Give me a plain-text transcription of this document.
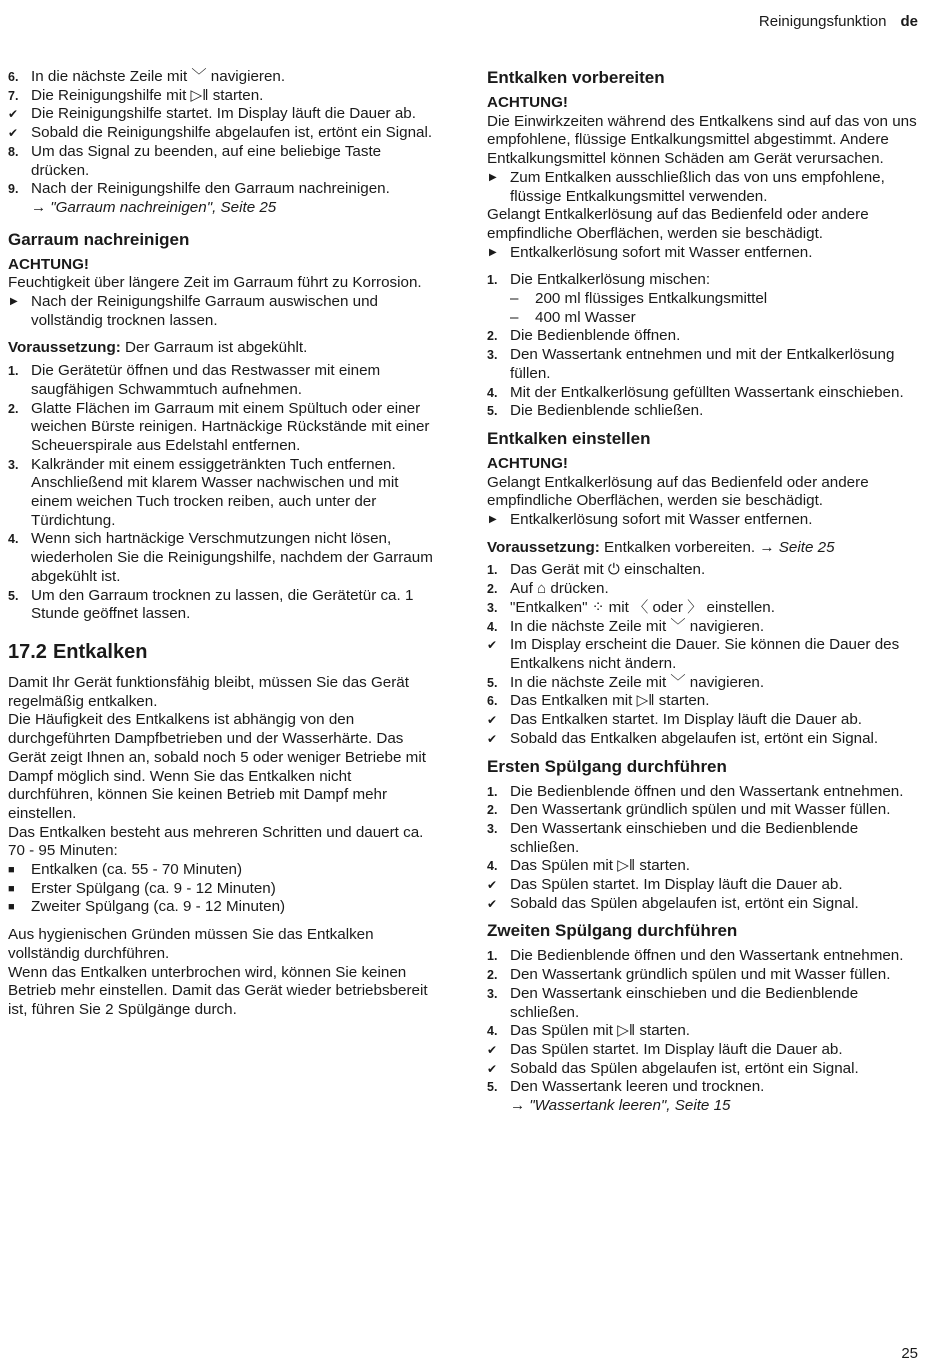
Reinigungsfunktion de
6. In die nächste Zeile mit ﹀ navigieren.
7. Die Reinigungshilfe mit ▷‖ starten.
✔ Die Reinigungshilfe startet. Im Display läuft die Dauer ab.
✔ Sobald die Reinigungshilfe abgelaufen ist, ertönt ein Signal.
8. Um das Signal zu beenden, auf eine beliebige Taste drücken.
9. Nach der Reinigungshilfe den Garraum nachreinigen.
→ "Garraum nachreinigen", Seite 25
Garraum nachreinigen
ACHTUNG!
Feuchtigkeit über längere Zeit im Garraum führt zu Korrosion.
▶ Nach der Reinigungshilfe Garraum auswischen und vollständig trocknen lassen.
Voraussetzung: Der Garraum ist abgekühlt.
1. Die Gerätetür öffnen und das Restwasser mit einem saugfähigen Schwammtuch aufnehmen.
2. Glatte Flächen im Garraum mit einem Spültuch oder einer weichen Bürste reinigen. Hartnäckige Rückstände mit einer Scheuerspirale aus Edelstahl entfernen.
3. Kalkränder mit einem essiggetränkten Tuch entfernen. Anschließend mit klarem Wasser nachwischen und mit einem weichen Tuch trocken reiben, auch unter der Türdichtung.
4. Wenn sich hartnäckige Verschmutzungen nicht lösen, wiederholen Sie die Reinigungshilfe, nachdem der Garraum abgekühlt ist.
5. Um den Garraum trocknen zu lassen, die Gerätetür ca. 1 Stunde geöffnet lassen.
17.2 Entkalken
Damit Ihr Gerät funktionsfähig bleibt, müssen Sie das Gerät regelmäßig entkalken.
Die Häufigkeit des Entkalkens ist abhängig von den durchgeführten Dampfbetrieben und der Wasserhärte. Das Gerät zeigt Ihnen an, sobald noch 5 oder weniger Betriebe mit Dampf möglich sind. Wenn Sie das Entkalken nicht durchführen, können Sie keinen Betrieb mit Dampf mehr einstellen.
Das Entkalken besteht aus mehreren Schritten und dauert ca. 70 - 95 Minuten:
■	Entkalken (ca. 55 - 70 Minuten)
■	Erster Spülgang (ca. 9 - 12 Minuten)
■	Zweiter Spülgang (ca. 9 - 12 Minuten)
Aus hygienischen Gründen müssen Sie das Entkalken vollständig durchführen.
Wenn das Entkalken unterbrochen wird, können Sie keinen Betrieb mehr einstellen. Damit das Gerät wieder betriebsbereit ist, führen Sie 2 Spülgänge durch.
Entkalken vorbereiten
ACHTUNG!
Die Einwirkzeiten während des Entkalkens sind auf das von uns empfohlene, flüssige Entkalkungsmittel abgestimmt. Andere Entkalkungsmittel können Schäden am Gerät verursachen.
▶ Zum Entkalken ausschließlich das von uns empfohlene, flüssige Entkalkungsmittel verwenden.
Gelangt Entkalkerlösung auf das Bedienfeld oder andere empfindliche Oberflächen, werden sie beschädigt.
▶ Entkalkerlösung sofort mit Wasser entfernen.
1. Die Entkalkerlösung mischen:
–	200 ml flüssiges Entkalkungsmittel
–	400 ml Wasser
2. Die Bedienblende öffnen.
3. Den Wassertank entnehmen und mit der Entkalkerlösung füllen.
4. Mit der Entkalkerlösung gefüllten Wassertank einschieben.
5. Die Bedienblende schließen.
Entkalken einstellen
ACHTUNG!
Gelangt Entkalkerlösung auf das Bedienfeld oder andere empfindliche Oberflächen, werden sie beschädigt.
▶ Entkalkerlösung sofort mit Wasser entfernen.
Voraussetzung: Entkalken vorbereiten. → Seite 25
1. Das Gerät mit ⏻ einschalten.
2. Auf ⌂ drücken.
3. "Entkalken" ⁘ mit 〈 oder 〉 einstellen.
4. In die nächste Zeile mit ﹀ navigieren.
✔ Im Display erscheint die Dauer. Sie können die Dauer des Entkalkens nicht ändern.
5. In die nächste Zeile mit ﹀ navigieren.
6. Das Entkalken mit ▷‖ starten.
✔ Das Entkalken startet. Im Display läuft die Dauer ab.
✔ Sobald das Entkalken abgelaufen ist, ertönt ein Signal.
Ersten Spülgang durchführen
1. Die Bedienblende öffnen und den Wassertank entnehmen.
2. Den Wassertank gründlich spülen und mit Wasser füllen.
3. Den Wassertank einschieben und die Bedienblende schließen.
4. Das Spülen mit ▷‖ starten.
✔ Das Spülen startet. Im Display läuft die Dauer ab.
✔ Sobald das Spülen abgelaufen ist, ertönt ein Signal.
Zweiten Spülgang durchführen
1. Die Bedienblende öffnen und den Wassertank entnehmen.
2. Den Wassertank gründlich spülen und mit Wasser füllen.
3. Den Wassertank einschieben und die Bedienblende schließen.
4. Das Spülen mit ▷‖ starten.
✔ Das Spülen startet. Im Display läuft die Dauer ab.
✔ Sobald das Spülen abgelaufen ist, ertönt ein Signal.
5. Den Wassertank leeren und trocknen.
→ "Wassertank leeren", Seite 15
25
